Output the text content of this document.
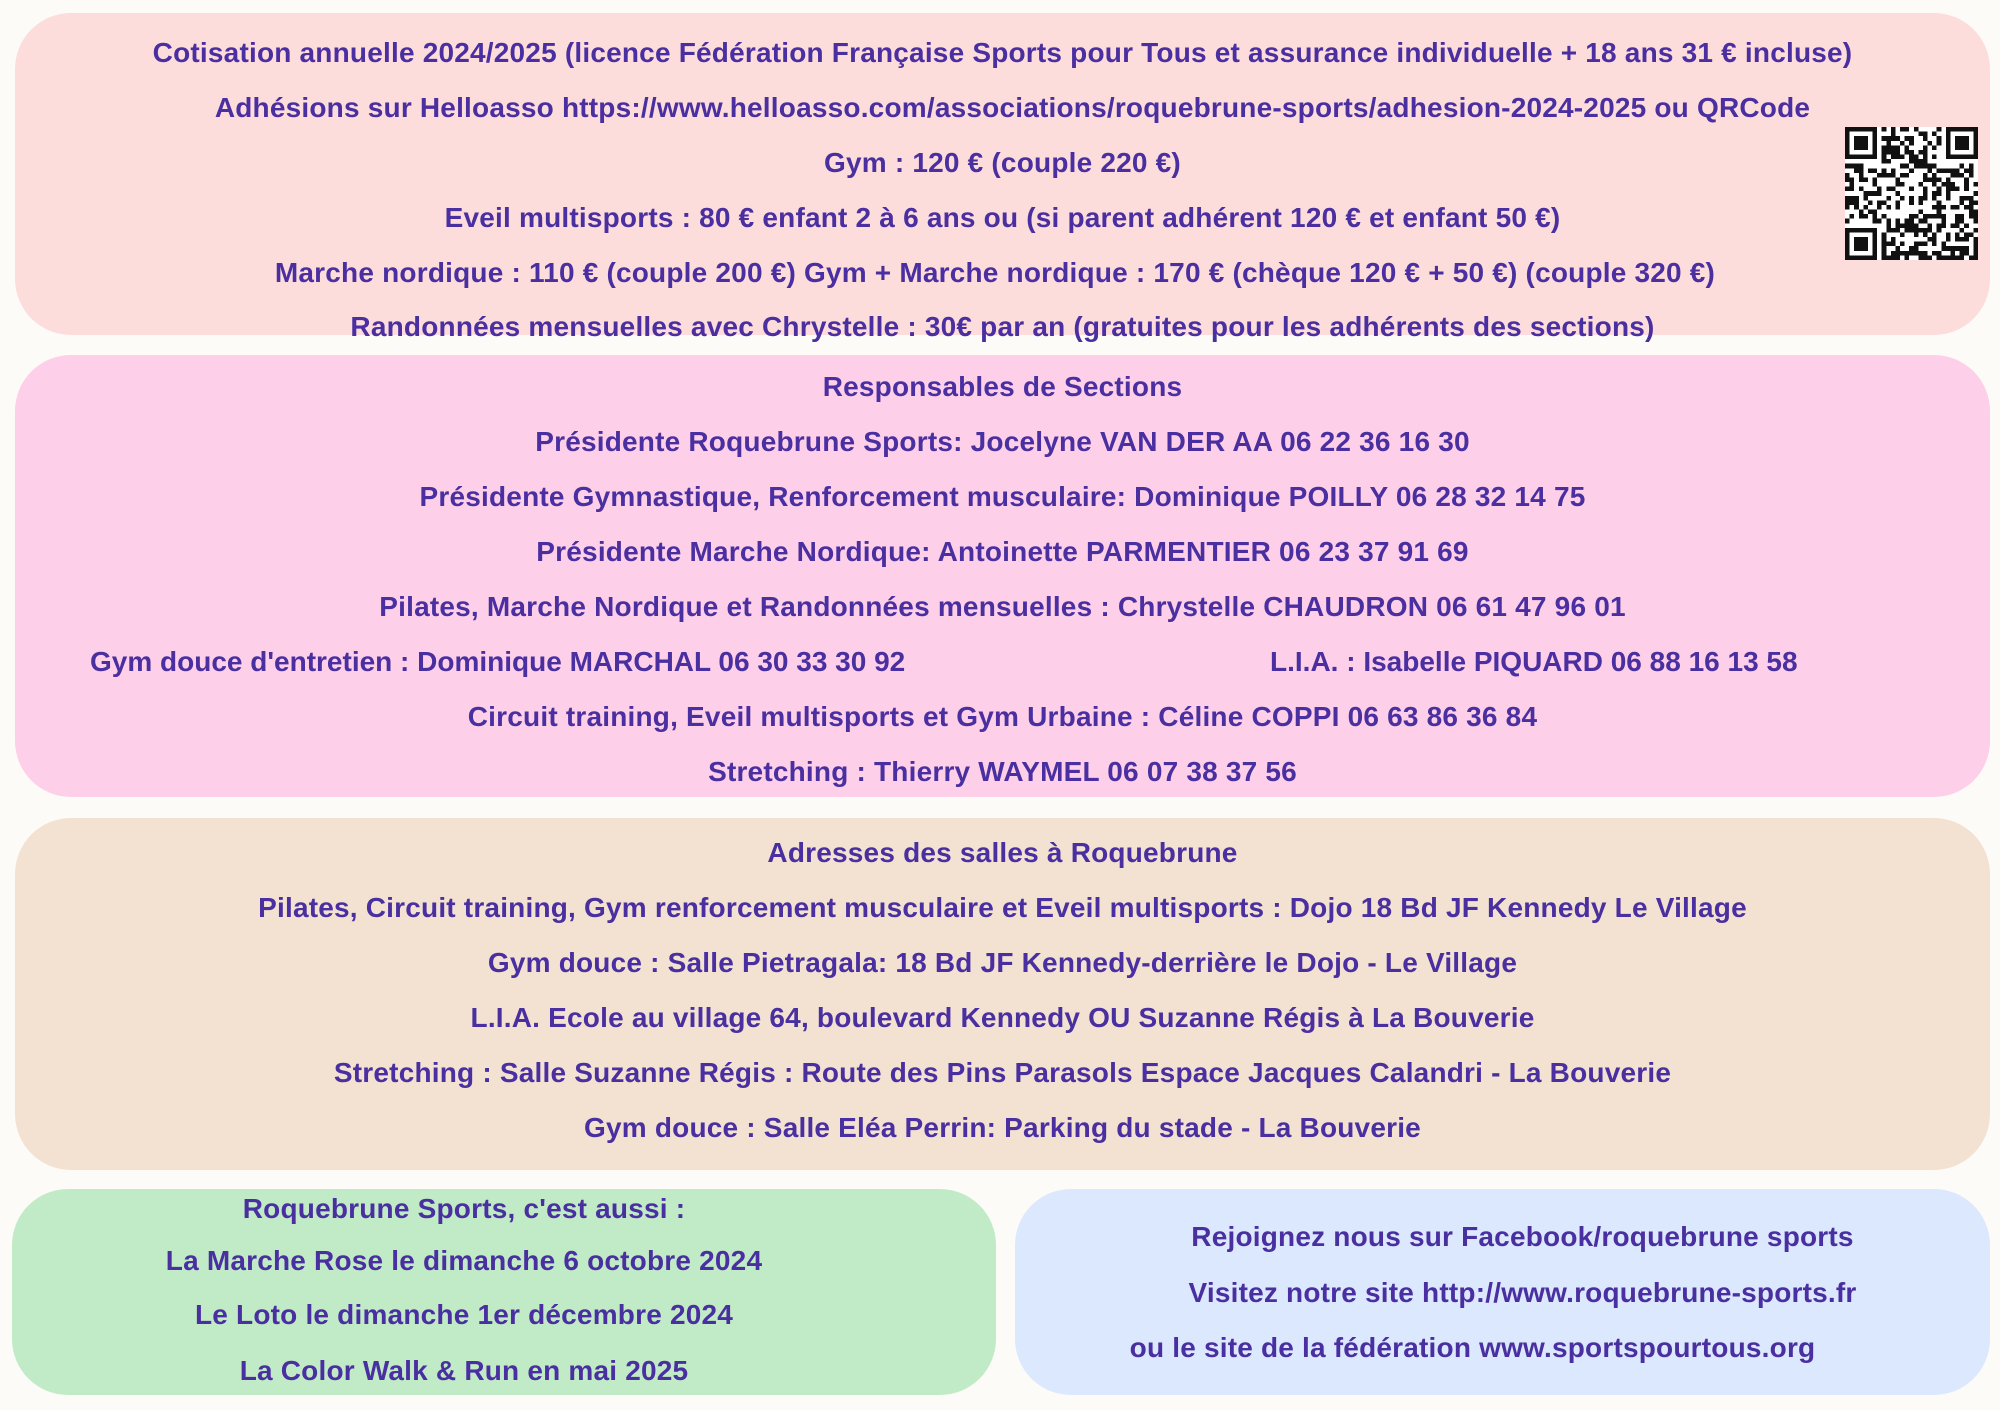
Cotisation annuelle 2024/2025 (licence Fédération Française Sports pour Tous et assurance individuelle + 18 ans 31 € incluse)
Adhésions sur Helloasso https://www.helloasso.com/associations/roquebrune-sports/adhesion-2024-2025 ou QRCode
Gym : 120 € (couple 220 €)
Eveil multisports : 80 € enfant 2 à 6 ans ou (si parent adhérent 120 € et enfant 50 €)
Marche nordique : 110 € (couple 200 €) Gym + Marche nordique : 170 € (chèque 120 € + 50 €) (couple 320 €)
Randonnées mensuelles avec Chrystelle : 30€ par an (gratuites pour les adhérents des sections)
Responsables de Sections
Présidente Roquebrune Sports: Jocelyne VAN DER AA 06 22 36 16 30
Présidente Gymnastique, Renforcement musculaire: Dominique POILLY 06 28 32 14 75
Présidente Marche Nordique: Antoinette PARMENTIER 06 23 37 91 69
Pilates, Marche Nordique et Randonnées mensuelles : Chrystelle CHAUDRON 06 61 47 96 01
Gym douce d'entretien : Dominique MARCHAL 06 30 33 30 92	L.I.A. : Isabelle PIQUARD 06 88 16 13 58
Circuit training, Eveil multisports et Gym Urbaine : Céline COPPI 06 63 86 36 84
Stretching : Thierry WAYMEL 06 07 38 37 56
Adresses des salles à Roquebrune
Pilates, Circuit training, Gym renforcement musculaire et Eveil multisports : Dojo 18 Bd JF Kennedy Le Village
Gym douce : Salle Pietragala: 18 Bd JF Kennedy-derrière le Dojo - Le Village
L.I.A. Ecole au village 64, boulevard Kennedy OU Suzanne Régis à La Bouverie
Stretching : Salle Suzanne Régis : Route des Pins Parasols Espace Jacques Calandri - La Bouverie
Gym douce : Salle Eléa Perrin: Parking du stade - La Bouverie
Roquebrune Sports, c'est aussi :
La Marche Rose le dimanche 6 octobre 2024
Le Loto le dimanche 1er décembre 2024
La Color Walk & Run en mai 2025
Rejoignez nous sur Facebook/roquebrune sports
Visitez notre site http://www.roquebrune-sports.fr
ou le site de la fédération www.sportspourtous.org
